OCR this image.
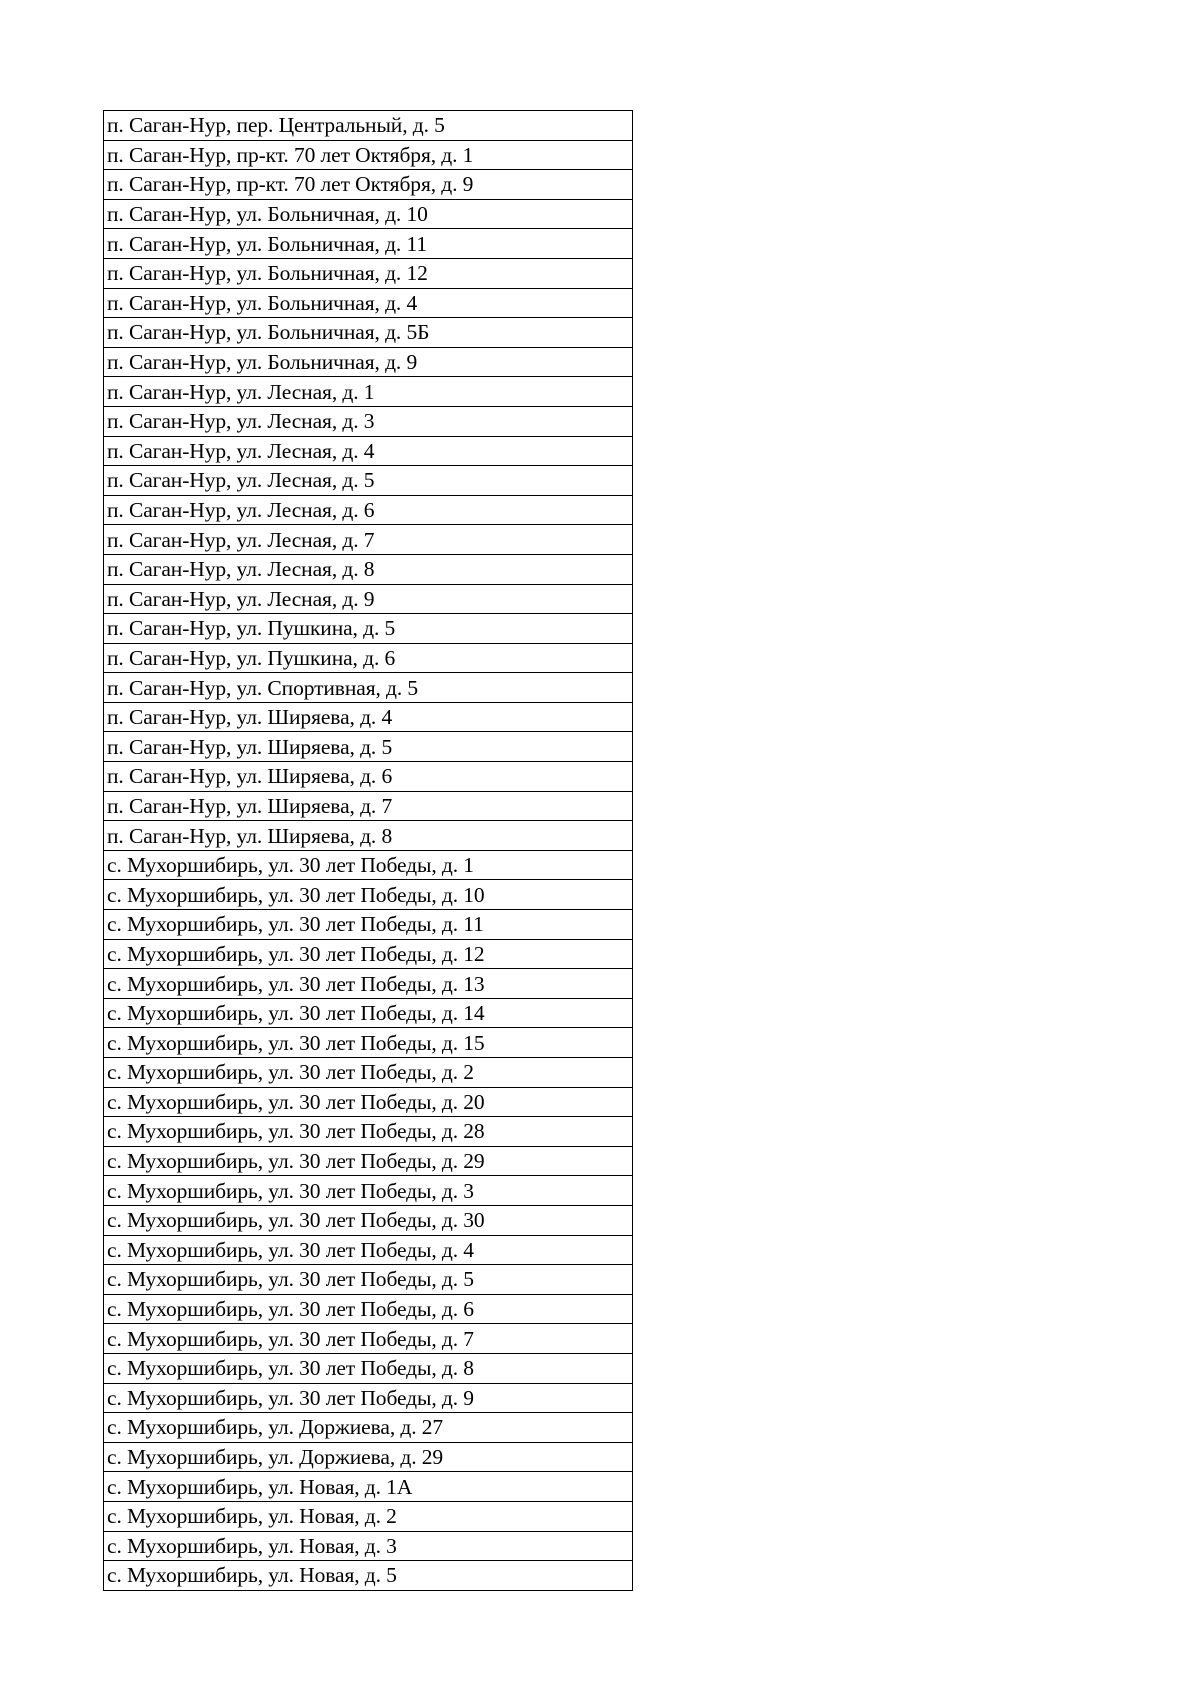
п. Саган-Нур, пер. Центральный, д. 5
п. Саган-Нур, пр-кт. 70 лет Октября, д. 1
п. Саган-Нур, пр-кт. 70 лет Октября, д. 9
п. Саган-Нур, ул. Больничная, д. 10
п. Саган-Нур, ул. Больничная, д. 11
п. Саган-Нур, ул. Больничная, д. 12
п. Саган-Нур, ул. Больничная, д. 4
п. Саган-Нур, ул. Больничная, д. 5Б
п. Саган-Нур, ул. Больничная, д. 9
п. Саган-Нур, ул. Лесная, д. 1
п. Саган-Нур, ул. Лесная, д. 3
п. Саган-Нур, ул. Лесная, д. 4
п. Саган-Нур, ул. Лесная, д. 5
п. Саган-Нур, ул. Лесная, д. 6
п. Саган-Нур, ул. Лесная, д. 7
п. Саган-Нур, ул. Лесная, д. 8
п. Саган-Нур, ул. Лесная, д. 9
п. Саган-Нур, ул. Пушкина, д. 5
п. Саган-Нур, ул. Пушкина, д. 6
п. Саган-Нур, ул. Спортивная, д. 5
п. Саган-Нур, ул. Ширяева, д. 4
п. Саган-Нур, ул. Ширяева, д. 5
п. Саган-Нур, ул. Ширяева, д. 6
п. Саган-Нур, ул. Ширяева, д. 7
п. Саган-Нур, ул. Ширяева, д. 8
с. Мухоршибирь, ул. 30 лет Победы, д. 1
с. Мухоршибирь, ул. 30 лет Победы, д. 10
с. Мухоршибирь, ул. 30 лет Победы, д. 11
с. Мухоршибирь, ул. 30 лет Победы, д. 12
с. Мухоршибирь, ул. 30 лет Победы, д. 13
с. Мухоршибирь, ул. 30 лет Победы, д. 14
с. Мухоршибирь, ул. 30 лет Победы, д. 15
с. Мухоршибирь, ул. 30 лет Победы, д. 2
с. Мухоршибирь, ул. 30 лет Победы, д. 20
с. Мухоршибирь, ул. 30 лет Победы, д. 28
с. Мухоршибирь, ул. 30 лет Победы, д. 29
с. Мухоршибирь, ул. 30 лет Победы, д. 3
с. Мухоршибирь, ул. 30 лет Победы, д. 30
с. Мухоршибирь, ул. 30 лет Победы, д. 4
с. Мухоршибирь, ул. 30 лет Победы, д. 5
с. Мухоршибирь, ул. 30 лет Победы, д. 6
с. Мухоршибирь, ул. 30 лет Победы, д. 7
с. Мухоршибирь, ул. 30 лет Победы, д. 8
с. Мухоршибирь, ул. 30 лет Победы, д. 9
с. Мухоршибирь, ул. Доржиева, д. 27
с. Мухоршибирь, ул. Доржиева, д. 29
с. Мухоршибирь, ул. Новая, д. 1А
с. Мухоршибирь, ул. Новая, д. 2
с. Мухоршибирь, ул. Новая, д. 3
с. Мухоршибирь, ул. Новая, д. 5
